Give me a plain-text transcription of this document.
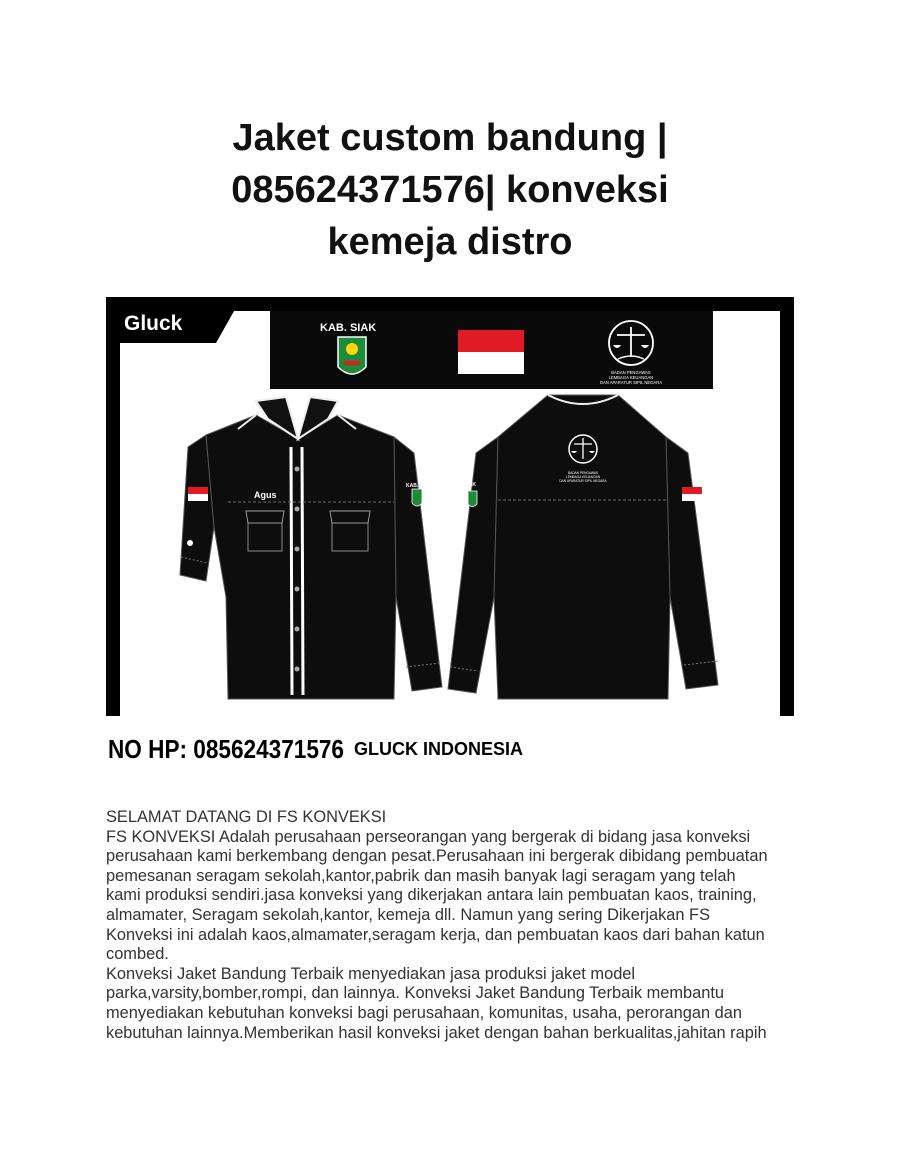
Jaket custom bandung |
085624371576| konveksi
kemeja distro
Gluck	KAB. SIAK
BADAN PENGAWAS
LEMBAGA KEUANGAN
DAN APARATUR SIPIL NEGARA
Agus
KAB.
BADAN PENGAWAS
LEMBAGA KEUANGAN
DAN APARATUR SIPIL NEGARA
SIAK
NO HP: 085624371576 GLUCK INDONESIA

SELAMAT DATANG DI FS KONVEKSI

FS KONVEKSI Adalah perusahaan perseorangan yang bergerak di bidang jasa konveksi

perusahaan kami berkembang dengan pesat.Perusahaan ini bergerak dibidang pembuatan

pemesanan seragam sekolah,kantor,pabrik dan masih banyak lagi seragam yang telah

kami produksi sendiri.jasa konveksi yang dikerjakan antara lain pembuatan kaos, training,

almamater, Seragam sekolah,kantor, kemeja dll. Namun yang sering Dikerjakan FS

Konveksi ini adalah kaos,almamater,seragam kerja, dan pembuatan kaos dari bahan katun

combed.

Konveksi Jaket Bandung Terbaik menyediakan jasa produksi jaket model

parka,varsity,bomber,rompi, dan lainnya. Konveksi Jaket Bandung Terbaik membantu

menyediakan kebutuhan konveksi bagi perusahaan, komunitas, usaha, perorangan dan

kebutuhan lainnya.Memberikan hasil konveksi jaket dengan bahan berkualitas,jahitan rapih
